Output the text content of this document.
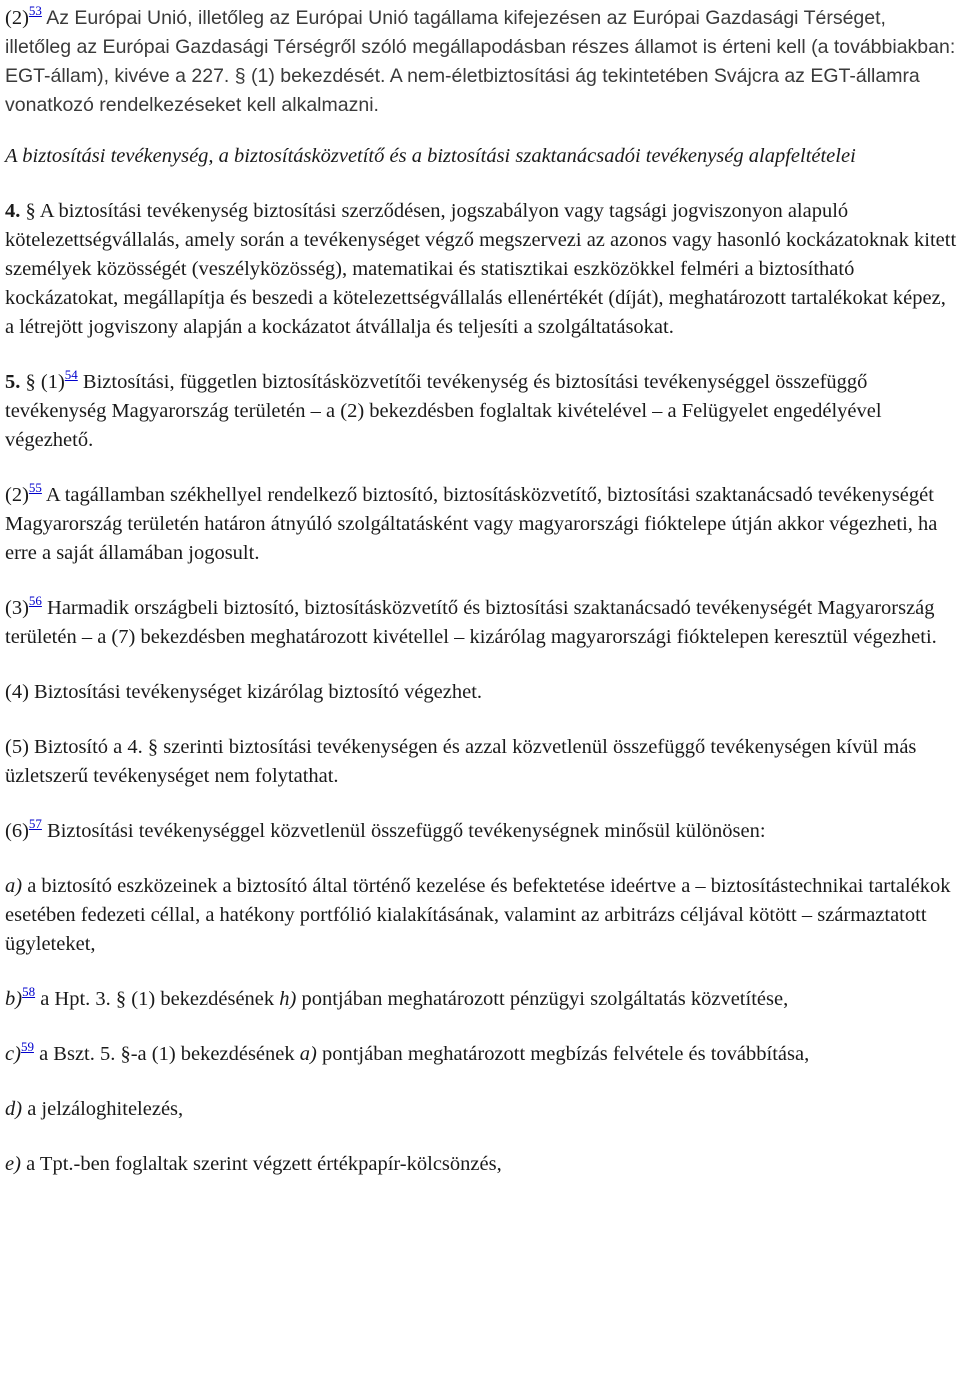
$(2)^{53}$ Az Európai Unió, illetőleg az Európai Unió tagállama kifejezésen az Európai Gazdasági Térséget, illetőleg az Európai Gazdasági Térségről szóló megállapodásban részes államot is érteni kell (a továbbiakban: EGT-állam), kivéve a 227. § (1) bekezdését. A nem-életbiztosítási ág tekintetében Svájcra az EGT-államra vonatkozó rendelkezéseket kell alkalmazni.

A biztosítási tevékenység, a biztosításközvetítő és a biztosítási szaktanácsadói tevékenység alapfeltételei

4. § A biztosítási tevékenység biztosítási szerződésen, jogszabályon vagy tagsági jogviszonyon alapuló kötelezettségvállalás, amely során a tevékenységet végző megszervezi az azonos vagy hasonló kockázatoknak kitett személyek közösségét (veszélyközösség), matematikai és statisztikai eszközökkel felméri a biztosítható kockázatokat, megállapítja és beszedi a kötelezettségvállalás ellenértékét (díját), meghatározott tartalékokat képez, a létrejött jogviszony alapján a kockázatot átvállalja és teljesíti a szolgáltatásokat.

5. § $(1)^{54}$ Biztosítási, független biztosításközvetítői tevékenység és biztosítási tevékenységgel összefüggő tevékenység Magyarország területén – a (2) bekezdésben foglaltak kivételével – a Felügyelet engedélyével végezhető.

$(2)^{55}$ A tagállamban székhellyel rendelkező biztosító, biztosításközvetítő, biztosítási szaktanácsadó tevékenységét Magyarország területén határon átnyúló szolgáltatásként vagy magyarországi fióktelepe útján akkor végezheti, ha erre a saját államában jogosult.

$(3)^{56}$ Harmadik országbeli biztosító, biztosításközvetítő és biztosítási szaktanácsadó tevékenységét Magyarország területén – a (7) bekezdésben meghatározott kivétellel – kizárólag magyarországi fióktelepen keresztül végezheti.

(4) Biztosítási tevékenységet kizárólag biztosító végezhet.

(5) Biztosító a 4. § szerinti biztosítási tevékenységen és azzal közvetlenül összefüggő tevékenységen kívül más üzletszerű tevékenységet nem folytathat.

$(6)^{57}$ Biztosítási tevékenységgel közvetlenül összefüggő tevékenységnek minősül különösen:

a) a biztosító eszközeinek a biztosító által történő kezelése és befektetése ideértve a – biztosítástechnikai tartalékok esetében fedezeti céllal, a hatékony portfólió kialakításának, valamint az arbitrázs céljával kötött – származtatott ügyleteket,

b)$^{58}$ a Hpt. 3. § (1) bekezdésének h) pontjában meghatározott pénzügyi szolgáltatás közvetítése,

c)$^{59}$ a Bszt. 5. §-a (1) bekezdésének a) pontjában meghatározott megbízás felvétele és továbbítása,

d) a jelzáloghitelezés,

e) a Tpt.-ben foglaltak szerint végzett értékpapír-kölcsönzés,
